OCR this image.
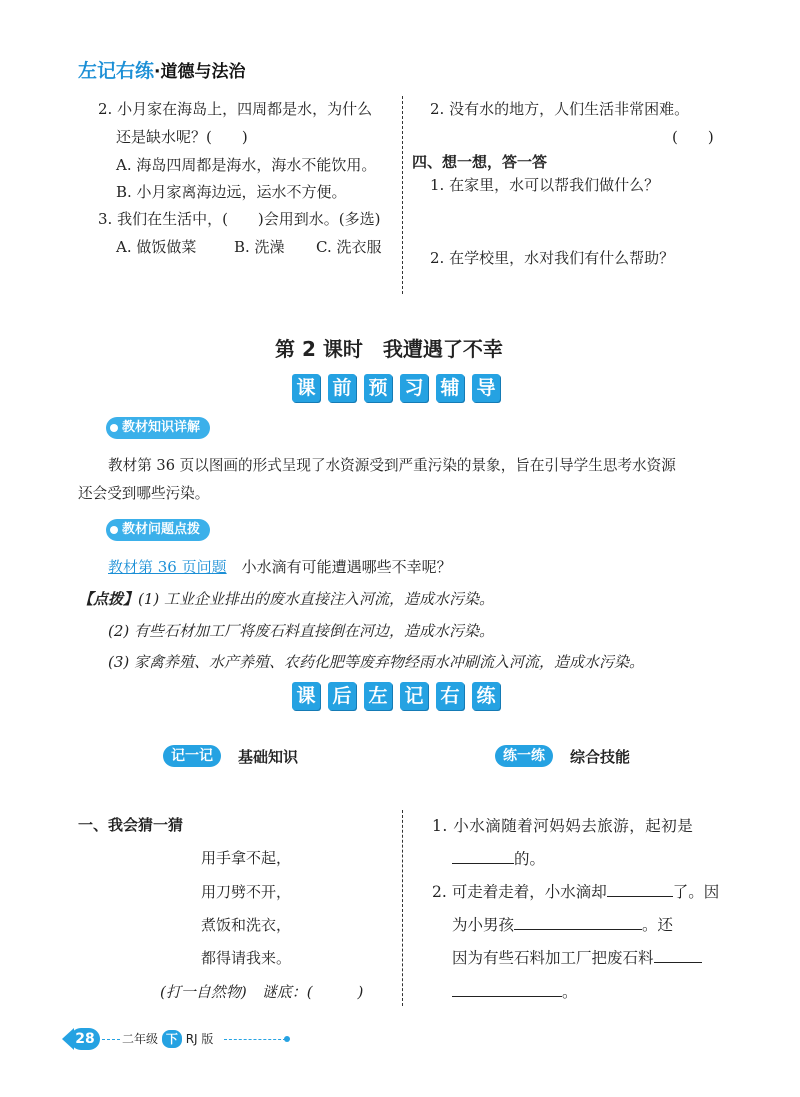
左记右练·道德与法治
2. 小月家在海岛上，四周都是水，为什么
还是缺水呢？(　　)
A. 海岛四周都是海水，海水不能饮用。
B. 小月家离海边远，运水不方便。
3. 我们在生活中，(　　)会用到水。(多选)
A. 做饭做菜	B. 洗澡 C. 洗衣服
2. 没有水的地方，人们生活非常困难。
(　　)
四、想一想，答一答
1. 在家里，水可以帮我们做什么？
2. 在学校里，水对我们有什么帮助？
第 2 课时　我遭遇了不幸
课 前 预 习 辅 导
教材知识详解
教材第 36 页以图画的形式呈现了水资源受到严重污染的景象，旨在引导学生思考水资源
还会受到哪些污染。
教材问题点拨
教材第 36 页问题　 小水滴有可能遭遇哪些不幸呢？
【点拨】(1) 工业企业排出的废水直接注入河流，造成水污染。
(2) 有些石材加工厂将废石料直接倒在河边，造成水污染。
(3) 家禽养殖、水产养殖、农药化肥等废弃物经雨水冲刷流入河流，造成水污染。
课 后 左 记 右 练
记一记	基础知识	练一练	综合技能
一、我会猜一猜
用手拿不起，
用刀劈不开，
煮饭和洗衣，
都得请我来。
(打一自然物)　谜底：(　　　)
1. 小水滴随着河妈妈去旅游，起初是
的。
2. 可走着走着，小水滴却	了。因
为小男孩	。还
因为有些石料加工厂把废石料
。
28	二年级 下 RJ 版
